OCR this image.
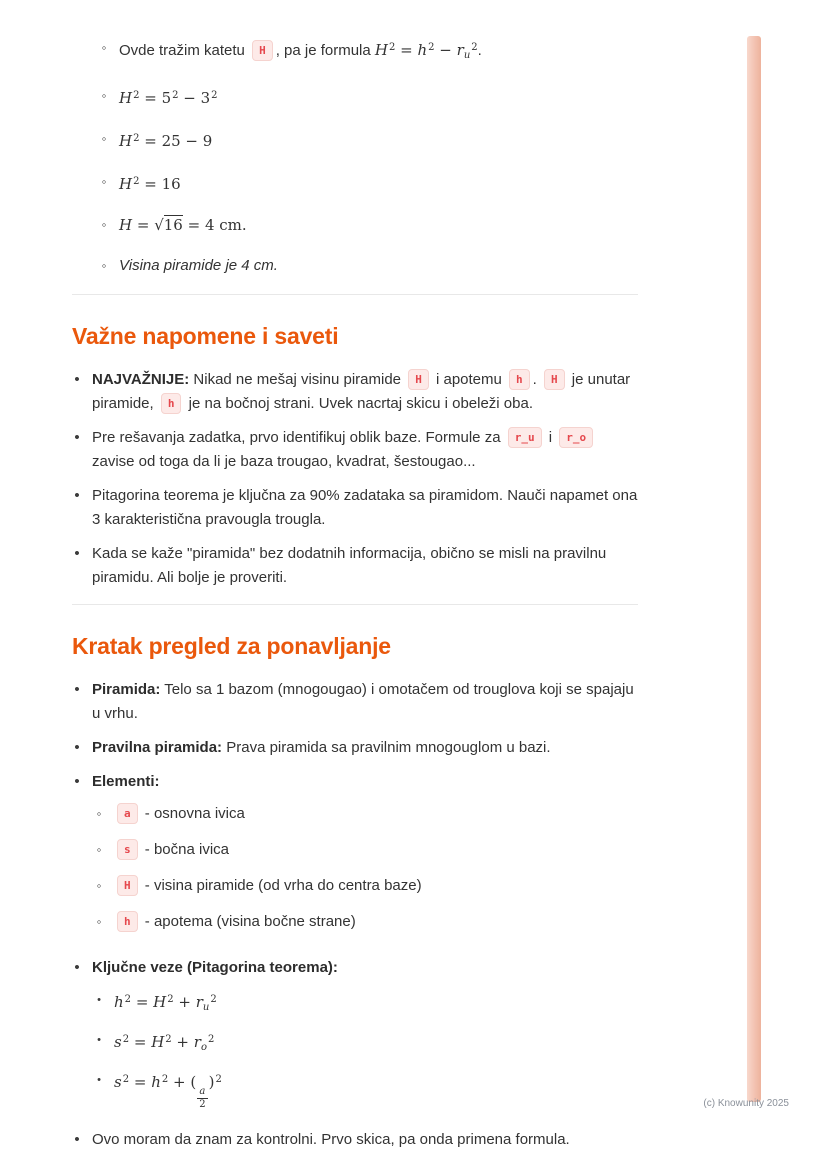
◦ Ovde tražim katetu H , pa je formula $H^2 = h^2 - r_u^2$.
◦ $H^2 = 5^2 - 3^2$
◦ $H^2 = 25 - 9$
◦ $H^2 = 16$
◦ H = √16 = 4 cm.
◦ Visina piramide je 4 cm.
Važne napomene i saveti
• NAJVAŽNIJE: Nikad ne mešaj visinu piramide H i apotemu h . H je unutar piramide, h je na bočnoj strani. Uvek nacrtaj skicu i obeleži oba.
• Pre rešavanja zadatka, prvo identifikuj oblik baze. Formule za r_u i r_o zavise od toga da li je baza trougao, kvadrat, šestougao...
• Pitagorina teorema je ključna za 90% zadataka sa piramidom. Nauči napamet ona 3 karakteristična pravougla trougla.
• Kada se kaže "piramida" bez dodatnih informacija, obično se misli na pravilnu piramidu. Ali bolje je proveriti.
Kratak pregled za ponavljanje
• Piramida: Telo sa 1 bazom (mnogougao) i omotačem od trouglova koji se spajaju u vrhu.
• Pravilna piramida: Prava piramida sa pravilnim mnogouglom u bazi.
• Elementi:
◦	a - osnovna ivica
◦	s - bočna ivica
◦	H - visina piramide (od vrha do centra baze)
◦	h - apotema (visina bočne strane)
• Ključne veze (Pitagorina teorema):
• $h^2 = H^2 + r_u^2$
• $s^2 = H^2 + r_o^2$
• $s^2 = h^2$ + (
$\frac{a}{2}$
)$^2$
• Ovo moram da znam za kontrolni. Prvo skica, pa onda primena formula.
(c) Knowunity 2025
